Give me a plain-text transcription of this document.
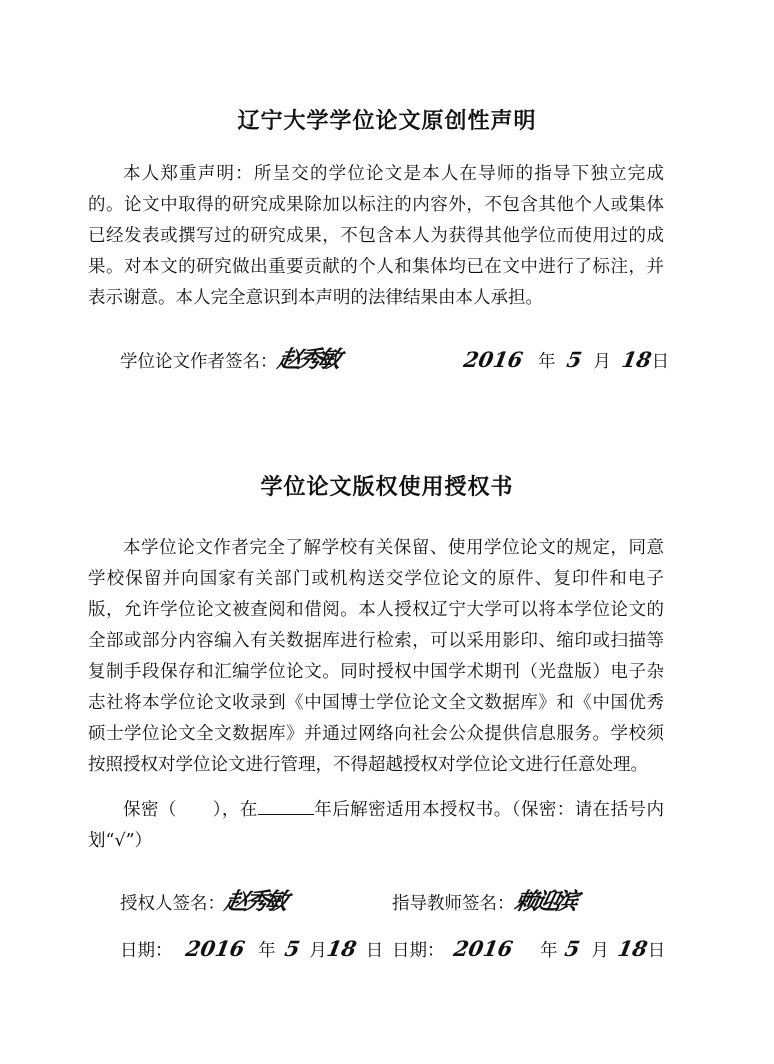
辽宁大学学位论文原创性声明

本人郑重声明：所呈交的学位论文是本人在导师的指导下独立完成的。论文中取得的研究成果除加以标注的内容外，不包含其他个人或集体已经发表或撰写过的研究成果，不包含本人为获得其他学位而使用过的成果。对本文的研究做出重要贡献的个人和集体均已在文中进行了标注，并表示谢意。本人完全意识到本声明的法律结果由本人承担。

学位论文作者签名：赵秀敏	2016 年 5 月 18日
学位论文版权使用授权书

本学位论文作者完全了解学校有关保留、使用学位论文的规定，同意学校保留并向国家有关部门或机构送交学位论文的原件、复印件和电子版，允许学位论文被查阅和借阅。本人授权辽宁大学可以将本学位论文的全部或部分内容编入有关数据库进行检索，可以采用影印、缩印或扫描等复制手段保存和汇编学位论文。同时授权中国学术期刊（光盘版）电子杂志社将本学位论文收录到《中国博士学位论文全文数据库》和《中国优秀硕士学位论文全文数据库》并通过网络向社会公众提供信息服务。学校须按照授权对学位论文进行管理，不得超越授权对学位论文进行任意处理。

保密（　　），在	年后解密适用本授权书。（保密：请在括号内划“√”）

授权人签名：赵秀敏	指导教师签名：赖迎滨
日期： 2016 年 5 月18 日 日期： 2016 年 5 月 18日
